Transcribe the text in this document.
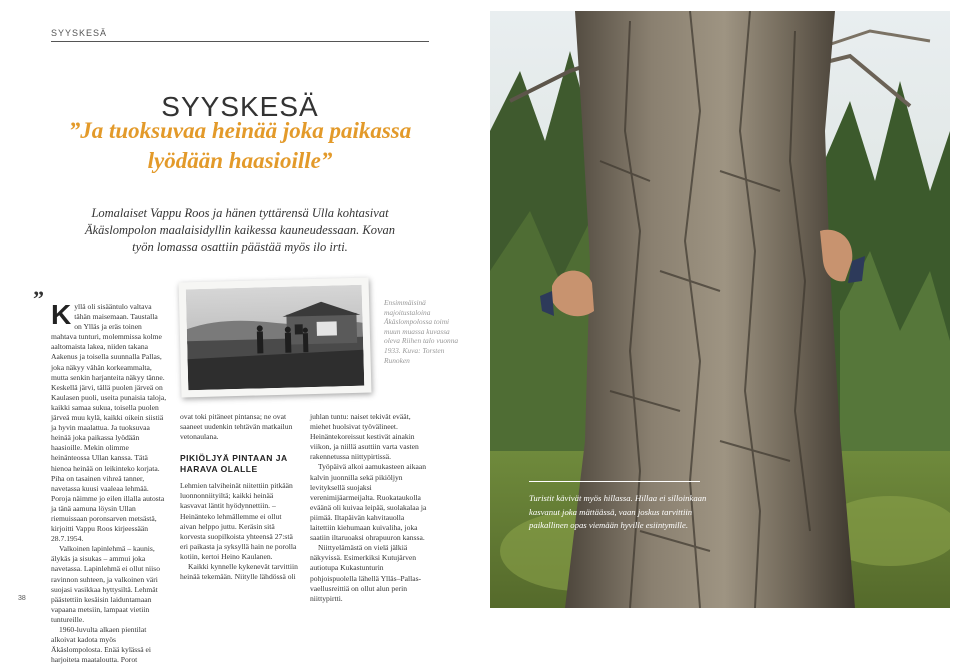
SYYSKESÄ
SYYSKESÄ
”Ja tuoksuvaa heinää joka paikassa lyödään haasioille”
Lomalaiset Vappu Roos ja hänen tyttärensä Ulla kohtasivat Äkäslompolon maalaisidyllin kaikessa kauneudessaan. Kovan työn lomassa osattiin päästää myös ilo irti.
”

Kyllä oli sisääntulo valtava tähän maisemaan. Taustalla on Ylläs ja eräs toinen mahtava tunturi, molemmissa kolme aaltomaista lakea, niiden takana Aakenus ja toisella suunnalla Pallas, joka näkyy vähän korkeammalta, mutta senkin harjanteita näkyy tänne. Keskellä järvi, tällä puolen järveä on Kaulasen puoli, useita punaisia taloja, kaikki samaa sukua, toisella puolen järveä muu kylä, kaikki oikein siistiä ja hyvin maalattua. Ja tuoksuvaa heinää joka paikassa lyödään haasioille. Mekin olimme heinänteossa Ullan kanssa. Tätä hienoa heinää on leikinteko korjata. Piha on tasainen vihreä tanner, navetassa kuusi vaaleaa lehmää. Poroja näimme jo eilen illalla autosta ja tänä aamuna löysin Ullan riemuissaan poronsarven metsästä, kirjoitti Vappu Roos kirjeessään 28.7.1954.

Valkoinen lapinlehmä – kaunis, älykäs ja sisukas – ammui joka navetassa. Lapinlehmä ei ollut niiso ravinnon suhteen, ja valkoinen väri suojasi vasikkaa hyttysiltä. Lehmät päästettiin kesäisin laiduntamaan vapaana metsiin, lampaat vietiin tuntureille.

1960-luvulta alkaen pientilat alkoivat kadota myös Äkäslompolosta. Enää kylässä ei harjoiteta maataloutta. Porot

Ensimmäisinä majoitustaloina Äkäslompolossa toimi muun muassa kuvassa oleva Riihen talo vuonna 1933. Kuva: Torsten Runoken

ovat toki pitäneet pintansa; ne ovat saaneet uudenkin tehtävän matkailun vetonaulana.

PIKIÖLJYÄ PINTAAN JA HARAVA OLALLE

Lehmien talviheinät niitettiin pitkään luonnonniityiltä; kaikki heinää kasvavat läntit hyödynnettiin. – Heinänteko lehmällemme ei ollut aivan helppo juttu. Keräsin sitä korvesta suopilkoista yhteensä 27:stä eri paikasta ja syksyllä hain ne porolla kotiin, kertoi Heino Kaulanen.

Kaikki kynnelle kykenevät tarvittiin heinää tekemään. Niitylle lähdössä oli

juhlan tuntu: naiset tekivät eväät, miehet huolsivat työvälineet. Heinäntekoreissut kestivät ainakin viikon, ja niillä asuttiin varta vasten rakennetussa niittypirtissä.

Työpäivä alkoi aamukasteen aikaan kalvin juonnilla sekä pikiöljyn levityksellä suojaksi verenimijäarmeijalta. Ruokataukolla eväänä oli kuivaa leipää, suolakalaa ja piimää. Iltapäivän kahvitauolla laitettiin kiehumaan kuivaliha, joka saatiin iltaruoaksi ohrapuuron kanssa.

Niittyelämästä on vielä jälkiä näkyvissä. Esimerkiksi Kutujärven autiotupa Kukastunturin pohjoispuolella lähellä Ylläs–Pallas-vaellusreittiä on ollut alun perin niittypirtti.

Turistit kävivät myös hillassa. Hillaa ei silloinkaan kasvanut joka mättäässä, vaan joskus tarvittiin paikallinen opas viemään hyville esiintymille.
38
